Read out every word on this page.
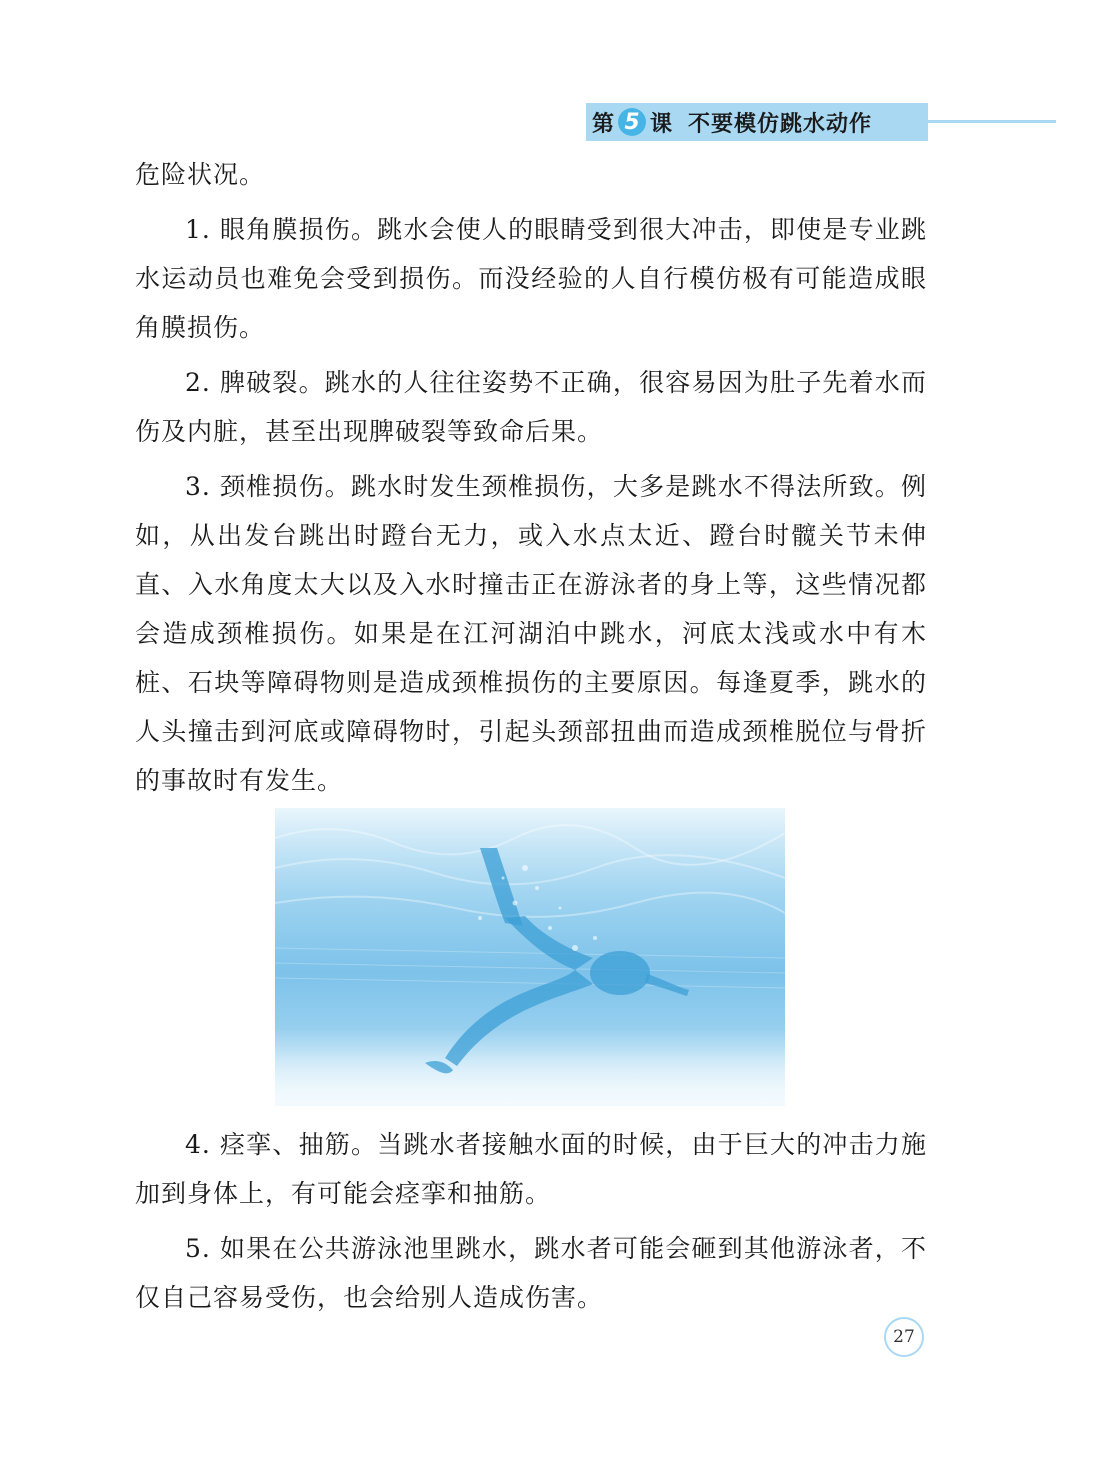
第 5 课 不要模仿跳水动作

危险状况。

1. 眼角膜损伤。跳水会使人的眼睛受到很大冲击，即使是专业跳水运动员也难免会受到损伤。而没经验的人自行模仿极有可能造成眼角膜损伤。

2. 脾破裂。跳水的人往往姿势不正确，很容易因为肚子先着水而伤及内脏，甚至出现脾破裂等致命后果。

3. 颈椎损伤。跳水时发生颈椎损伤，大多是跳水不得法所致。例如，从出发台跳出时蹬台无力，或入水点太近、蹬台时髋关节未伸直、入水角度太大以及入水时撞击正在游泳者的身上等，这些情况都会造成颈椎损伤。如果是在江河湖泊中跳水，河底太浅或水中有木桩、石块等障碍物则是造成颈椎损伤的主要原因。每逢夏季，跳水的人头撞击到河底或障碍物时，引起头颈部扭曲而造成颈椎脱位与骨折的事故时有发生。

4. 痉挛、抽筋。当跳水者接触水面的时候，由于巨大的冲击力施加到身体上，有可能会痉挛和抽筋。

5. 如果在公共游泳池里跳水，跳水者可能会砸到其他游泳者，不仅自己容易受伤，也会给别人造成伤害。

27
